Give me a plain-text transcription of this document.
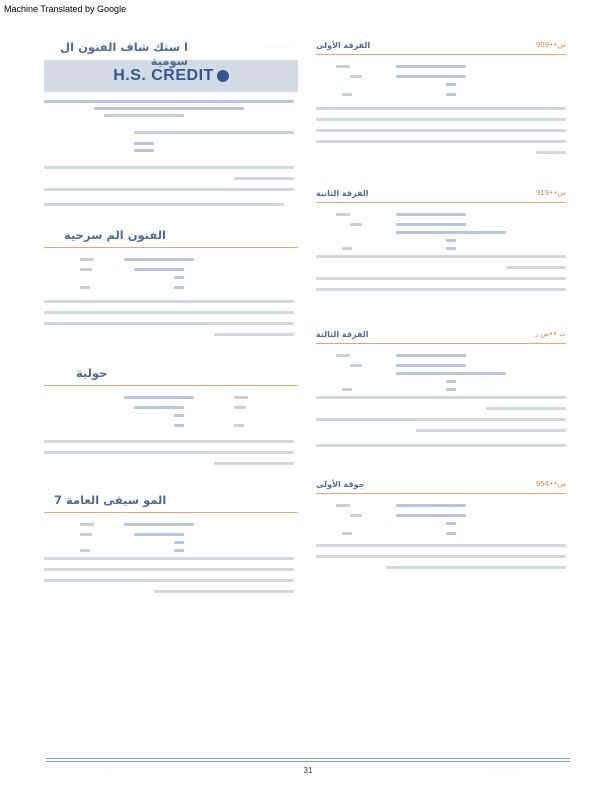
Machine Translated by Google
ا ستك شاف الفنون ال سومية
· · · · · · · · · ·
H.S. CREDIT
الفنون الم سرحية
حولية
المو سيقى العامة 7
الفرقة الأولى	909••س
الفرقة الثانية	919••س
الفرقة الثالثة	ث ••ص ر
جوقة الأولى	954••س
· · · · · · ·	31	· · · · · · · · · · · · · ·
